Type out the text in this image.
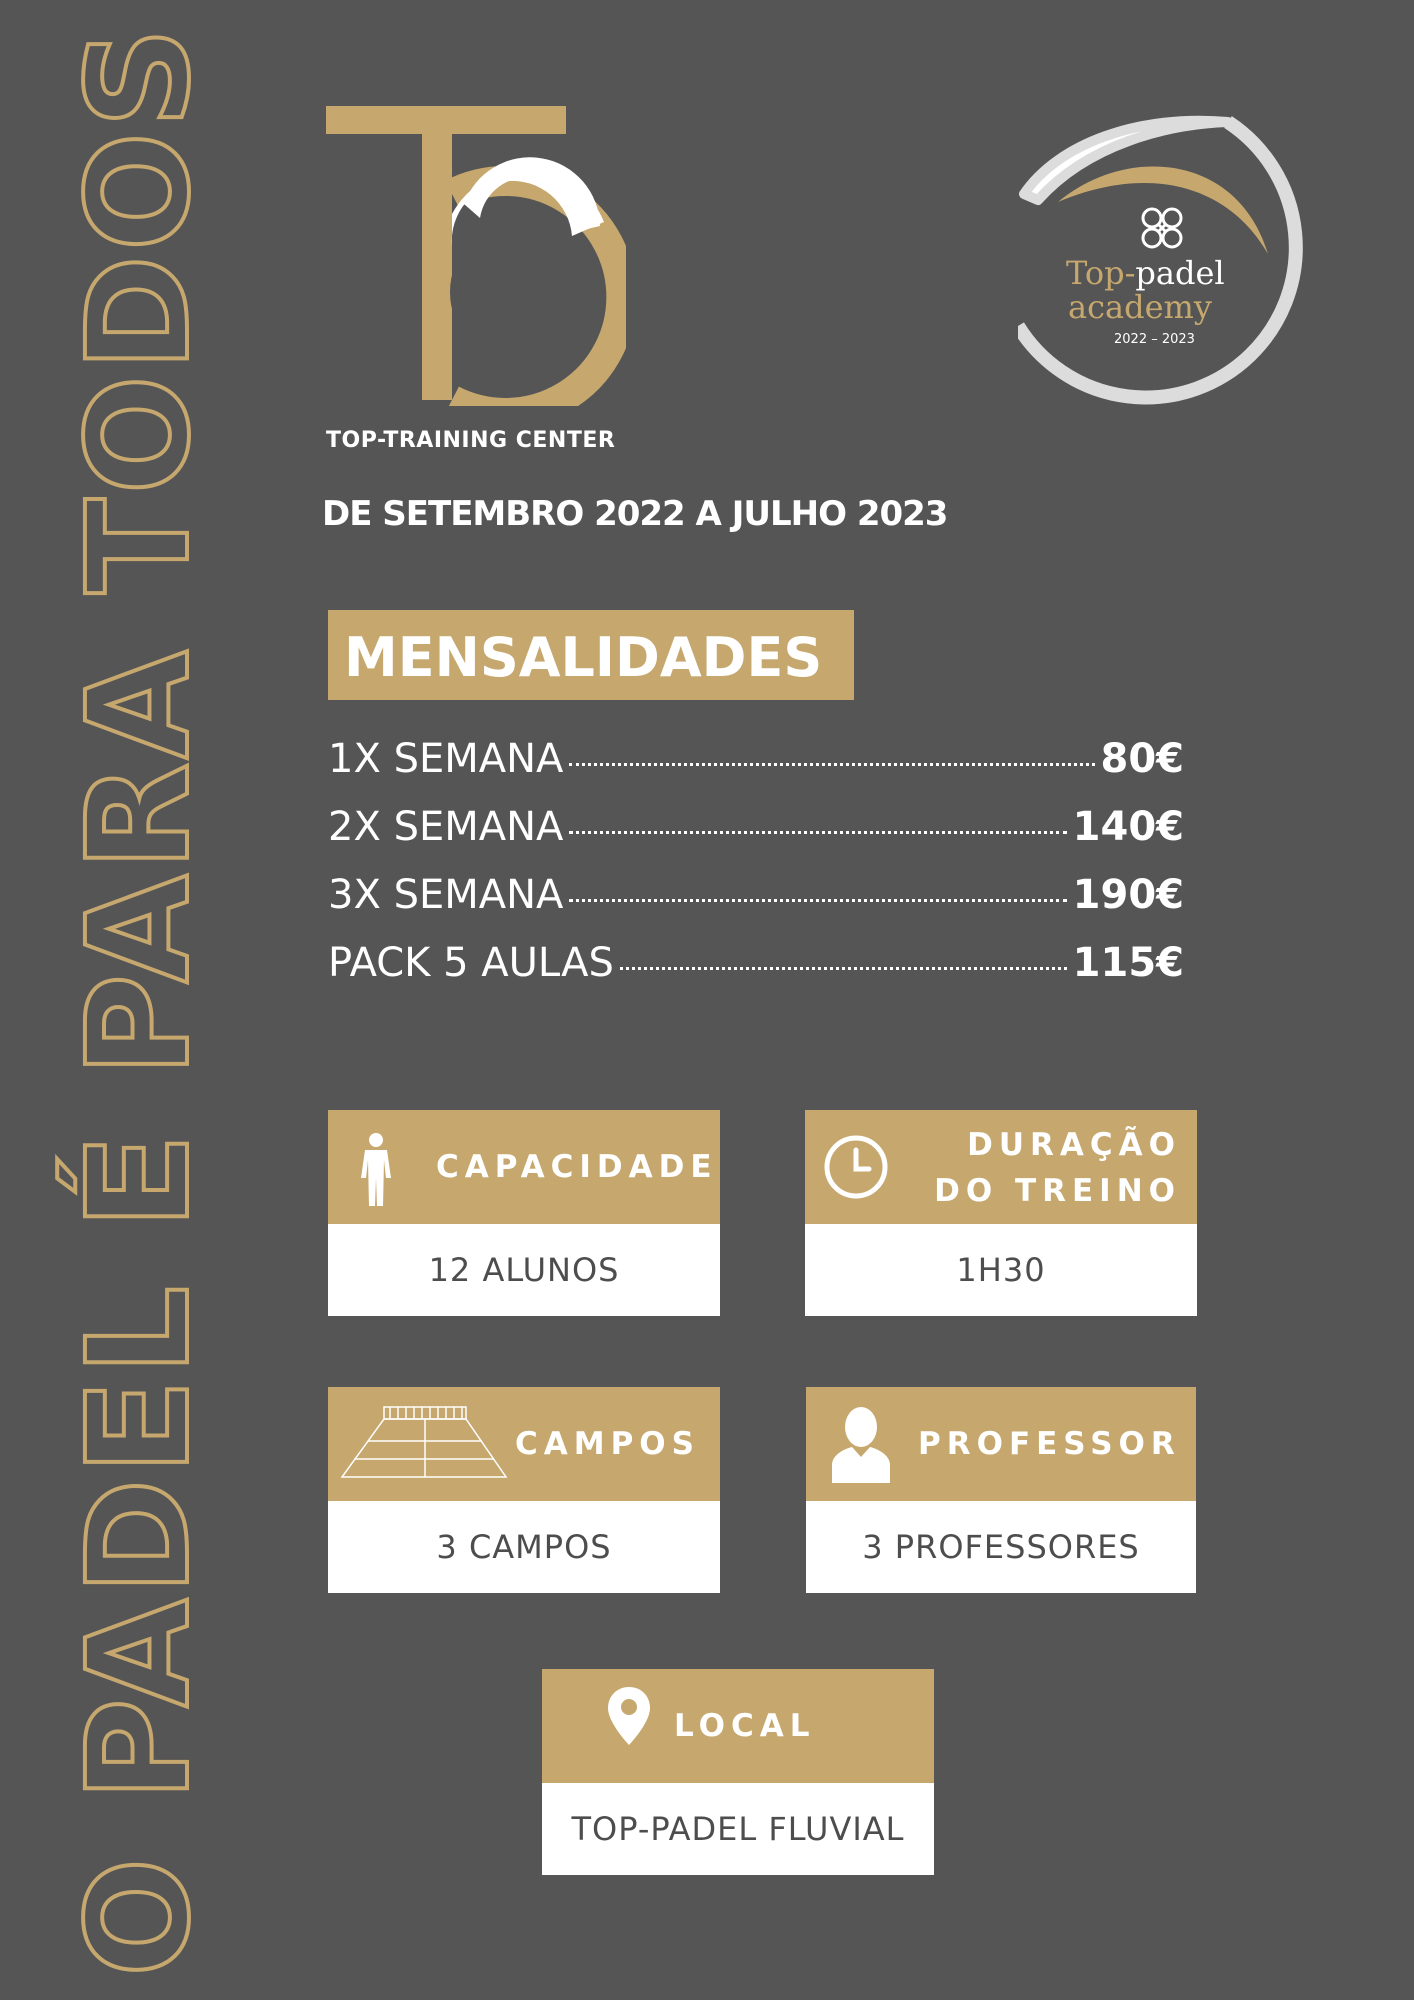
O PADEL É PARA TODOS	TOP-TRAINING CENTER
Top-padel
academy
2022 – 2023
DE SETEMBRO 2022 A JULHO 2023
MENSALIDADES
1X SEMANA	80€
2X SEMANA	140€
3X SEMANA	190€
PACK 5 AULAS	115€
CAPACIDADE
12 ALUNOS
DURAÇÃO
DO TREINO
1H30
CAMPOS
3 CAMPOS
PROFESSOR
3 PROFESSORES
LOCAL
TOP-PADEL FLUVIAL
